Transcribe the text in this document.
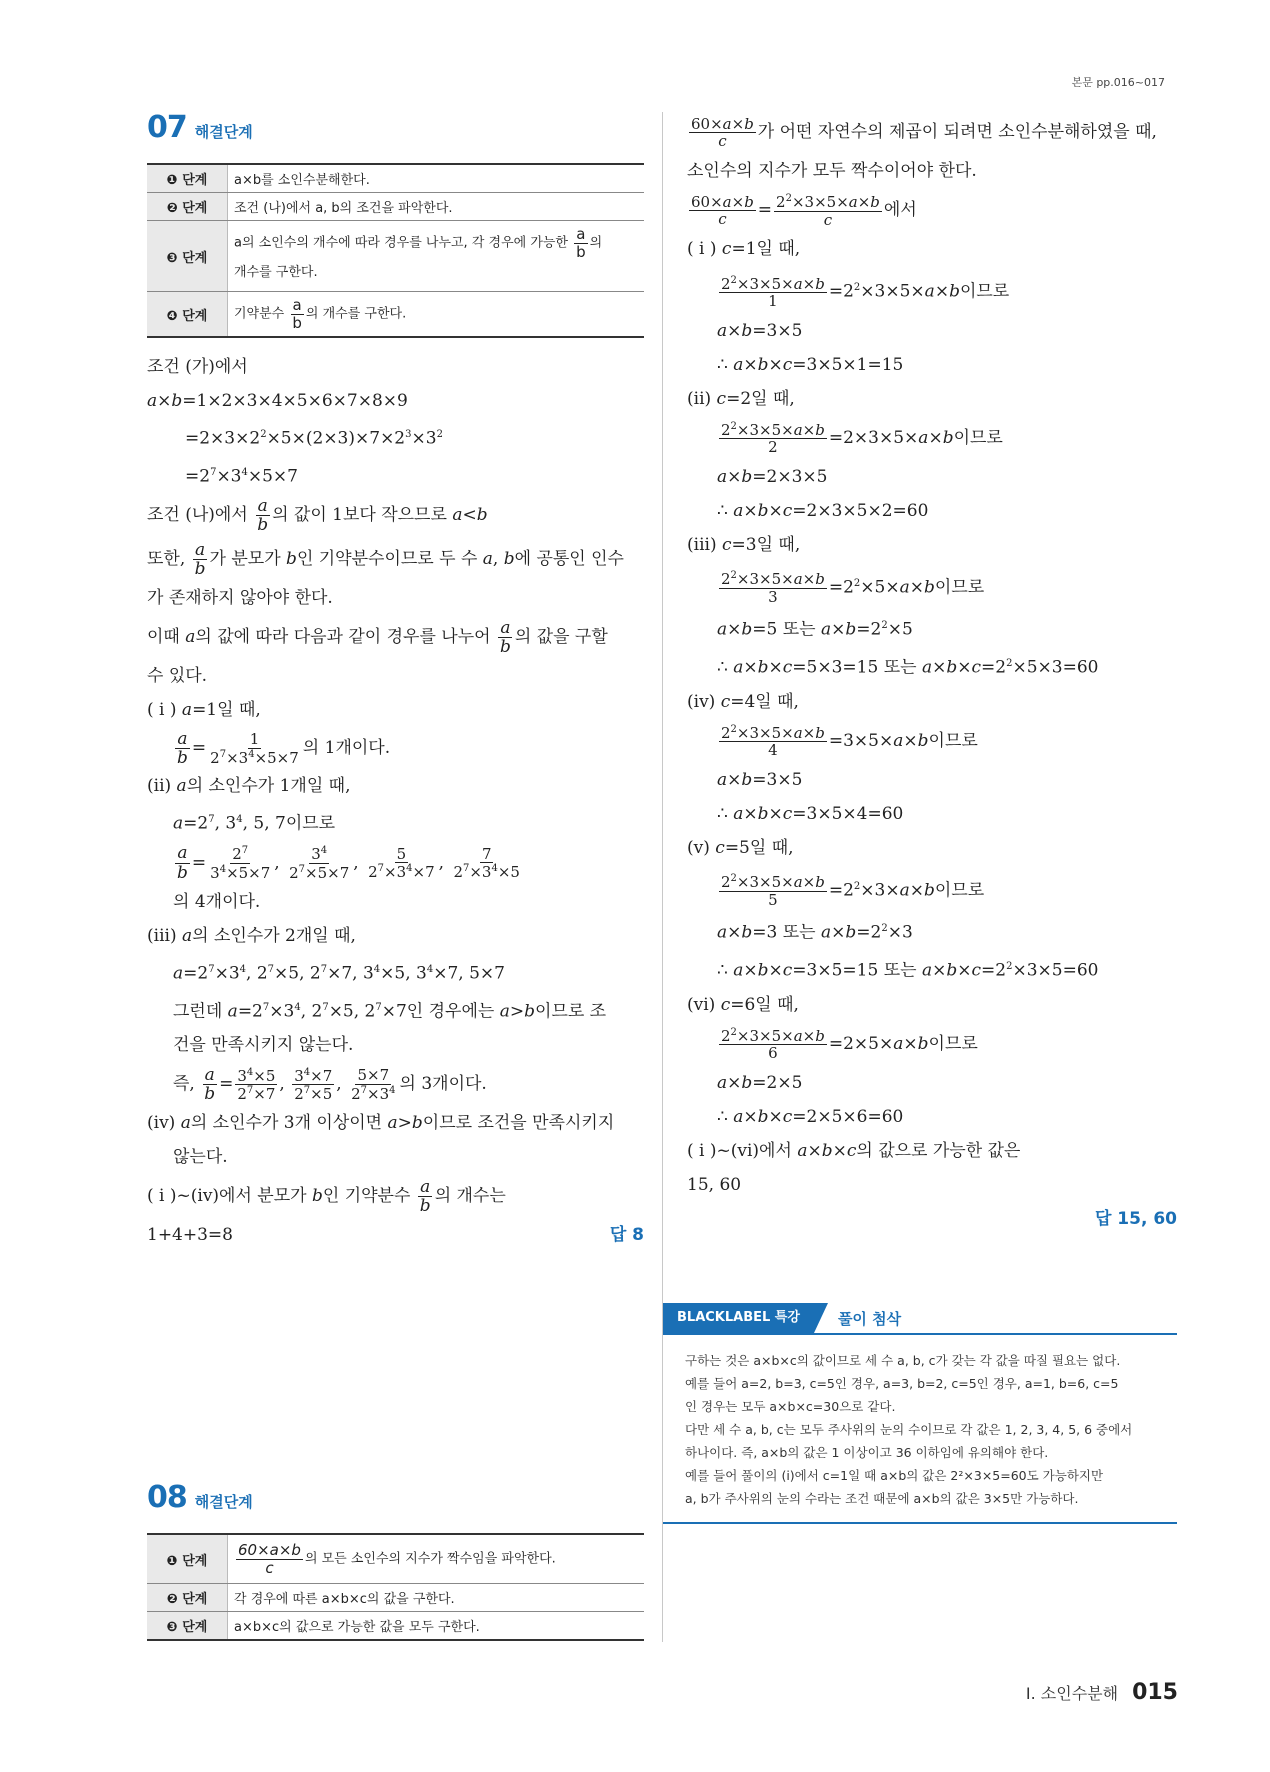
본문 pp.016~017
07 해결단계
❶ 단계	a×b를 소인수분해한다.
❷ 단계	조건 (나)에서 a, b의 조건을 파악한다.
❸ 단계	a의 소인수의 개수에 따라 경우를 나누고, 각 경우에 가능한 $\frac{a}{b}$ 의
개수를 구한다.
❹ 단계	기약분수 $\frac{a}{b}$ 의 개수를 구한다.
조건 (가)에서
a×b=1×2×3×4×5×6×7×8×9
$=2\times 3\times 2^2\times 5\times(2\times 3)\times 7\times 2^3\times 3^2$
$=2^7\times 3^4\times 5\times 7$
조건 (나)에서 $\frac{a}{b}$ 의 값이 1보다 작으므로 a<b
또한, $\frac{a}{b}$ 가 분모가 b인 기약분수이므로 두 수 a, b에 공통인 인수
가 존재하지 않아야 한다.
이때 a의 값에 따라 다음과 같이 경우를 나누어 $\frac{a}{b}$ 의 값을 구할
수 있다.
( i ) a=1일 때,
$\frac{a}{b} = \frac{1}{2^7\times 3^4\times 5\times 7}$ 의 1개이다.
(ii) a의 소인수가 1개일 때,
$a=2^7$, $3^4$, 5, 7이므로
$\frac{a}{b} = \frac{2^7}{3^4\times 5\times 7}$ , $\frac{3^4}{2^7\times 5\times 7}$ , $\frac{5}{2^7\times 3^4\times 7}$ , $\frac{7}{2^7\times 3^4\times 5}$
의 4개이다.
(iii) a의 소인수가 2개일 때,
$a=2^7\times 3^4$, $2^7\times 5$, $2^7\times 7$, $3^4\times 5$, $3^4\times 7$, 5×7
그런데 $a=2^7\times 3^4$, $2^7\times 5$, $2^7\times 7$인 경우에는 a>b이므로 조
건을 만족시키지 않는다.
즉, $\frac{a}{b} = \frac{3^4\times 5}{2^7\times 7}$ , $\frac{3^4\times 7}{2^7\times 5}$ , $\frac{5\times 7}{2^7\times 3^4}$ 의 3개이다.
(iv) a의 소인수가 3개 이상이면 a>b이므로 조건을 만족시키지
않는다.
( i )~(iv)에서 분모가 b인 기약분수 $\frac{a}{b}$ 의 개수는
1+4+3=8	답 8
08 해결단계
❶ 단계	$\frac{60\times a\times b}{c}$ 의 모든 소인수의 지수가 짝수임을 파악한다.
❷ 단계	각 경우에 따른 a×b×c의 값을 구한다.
❸ 단계	a×b×c의 값으로 가능한 값을 모두 구한다.
$\frac{60\times a\times b}{c}$ 가 어떤 자연수의 제곱이 되려면 소인수분해하였을 때,
소인수의 지수가 모두 짝수이어야 한다.
$\frac{60\times a\times b}{c} = \frac{2^2\times 3\times 5\times a\times b}{c}$ 에서
( i ) c=1일 때,
$\frac{2^2\times 3\times 5\times a\times b}{1} =2^2\times 3\times 5\times a\times b$이므로
a×b=3×5
∴ a×b×c=3×5×1=15
(ii) c=2일 때,
$\frac{2^2\times 3\times 5\times a\times b}{2} =2\times 3\times 5\times a\times b$이므로
a×b=2×3×5
∴ a×b×c=2×3×5×2=60
(iii) c=3일 때,
$\frac{2^2\times 3\times 5\times a\times b}{3} =2^2\times 5\times a\times b$이므로
a×b=5 또는 $a\times b=2^2\times 5$
∴ a×b×c=5×3=15 또는 $a\times b\times c=2^2\times 5\times 3=60$
(iv) c=4일 때,
$\frac{2^2\times 3\times 5\times a\times b}{4} =3\times 5\times a\times b$이므로
a×b=3×5
∴ a×b×c=3×5×4=60
(v) c=5일 때,
$\frac{2^2\times 3\times 5\times a\times b}{5} =2^2\times 3\times a\times b$이므로
a×b=3 또는 $a\times b=2^2\times 3$
∴ a×b×c=3×5=15 또는 $a\times b\times c=2^2\times 3\times 5=60$
(vi) c=6일 때,
$\frac{2^2\times 3\times 5\times a\times b}{6} =2\times 5\times a\times b$이므로
a×b=2×5
∴ a×b×c=2×5×6=60
( i )~(vi)에서 a×b×c의 값으로 가능한 값은
15, 60
답 15, 60
BLACKLABEL 특강	풀이 첨삭
구하는 것은 a×b×c의 값이므로 세 수 a, b, c가 갖는 각 값을 따질 필요는 없다.
예를 들어 a=2, b=3, c=5인 경우, a=3, b=2, c=5인 경우, a=1, b=6, c=5
인 경우는 모두 a×b×c=30으로 같다.
다만 세 수 a, b, c는 모두 주사위의 눈의 수이므로 각 값은 1, 2, 3, 4, 5, 6 중에서
하나이다. 즉, a×b의 값은 1 이상이고 36 이하임에 유의해야 한다.
예를 들어 풀이의 (i)에서 c=1일 때 a×b의 값은 2²×3×5=60도 가능하지만
a, b가 주사위의 눈의 수라는 조건 때문에 a×b의 값은 3×5만 가능하다.
Ⅰ. 소인수분해 015
